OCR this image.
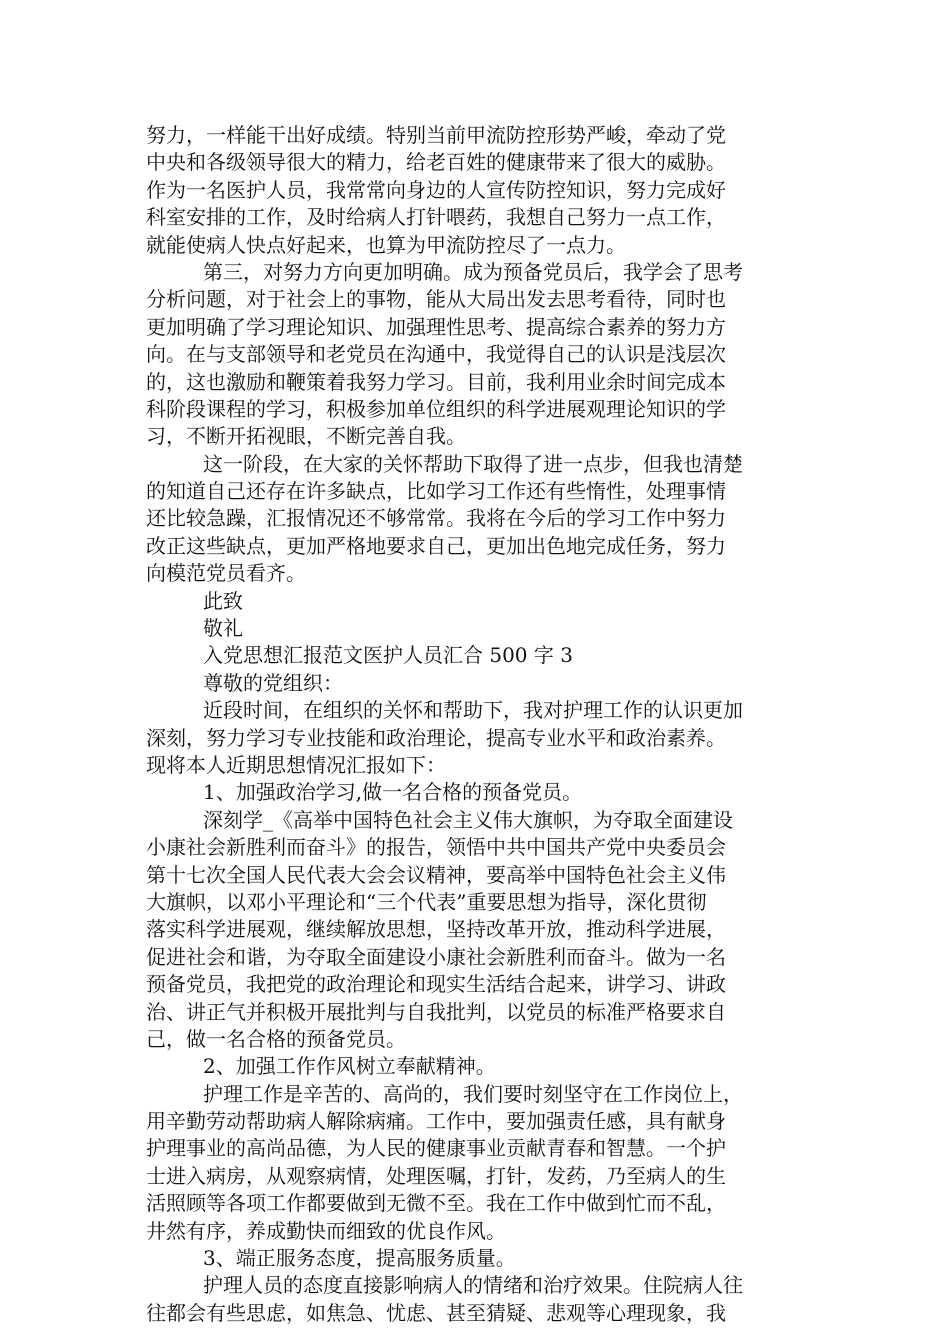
努力，一样能干出好成绩。特别当前甲流防控形势严峻，牵动了党
中央和各级领导很大的精力，给老百姓的健康带来了很大的威胁。
作为一名医护人员，我常常向身边的人宣传防控知识，努力完成好
科室安排的工作，及时给病人打针喂药，我想自己努力一点工作，
就能使病人快点好起来，也算为甲流防控尽了一点力。
第三，对努力方向更加明确。成为预备党员后，我学会了思考
分析问题，对于社会上的事物，能从大局出发去思考看待，同时也
更加明确了学习理论知识、加强理性思考、提高综合素养的努力方
向。在与支部领导和老党员在沟通中，我觉得自己的认识是浅层次
的，这也激励和鞭策着我努力学习。目前，我利用业余时间完成本
科阶段课程的学习，积极参加单位组织的科学进展观理论知识的学
习，不断开拓视眼，不断完善自我。
这一阶段，在大家的关怀帮助下取得了进一点步，但我也清楚
的知道自己还存在许多缺点，比如学习工作还有些惰性，处理事情
还比较急躁，汇报情况还不够常常。我将在今后的学习工作中努力
改正这些缺点，更加严格地要求自己，更加出色地完成任务，努力
向模范党员看齐。
此致
敬礼
入党思想汇报范文医护人员汇合 500 字 3
尊敬的党组织：
近段时间，在组织的关怀和帮助下，我对护理工作的认识更加
深刻，努力学习专业技能和政治理论，提高专业水平和政治素养。
现将本人近期思想情况汇报如下：
1、加强政治学习,做一名合格的预备党员。
深刻学_《高举中国特色社会主义伟大旗帜，为夺取全面建设
小康社会新胜利而奋斗》的报告，领悟中共中国共产党中央委员会
第十七次全国人民代表大会会议精神，要高举中国特色社会主义伟
大旗帜，以邓小平理论和“三个代表”重要思想为指导，深化贯彻
落实科学进展观，继续解放思想，坚持改革开放，推动科学进展，
促进社会和谐，为夺取全面建设小康社会新胜利而奋斗。做为一名
预备党员，我把党的政治理论和现实生活结合起来，讲学习、讲政
治、讲正气并积极开展批判与自我批判，以党员的标准严格要求自
己，做一名合格的预备党员。
2、加强工作作风树立奉献精神。
护理工作是辛苦的、高尚的，我们要时刻坚守在工作岗位上，
用辛勤劳动帮助病人解除病痛。工作中，要加强责任感，具有献身
护理事业的高尚品德，为人民的健康事业贡献青春和智慧。一个护
士进入病房，从观察病情，处理医嘱，打针，发药，乃至病人的生
活照顾等各项工作都要做到无微不至。我在工作中做到忙而不乱，
井然有序，养成勤快而细致的优良作风。
3、端正服务态度，提高服务质量。
护理人员的态度直接影响病人的情绪和治疗效果。住院病人往
往都会有些思虑，如焦急、忧虑、甚至猜疑、悲观等心理现象，我
